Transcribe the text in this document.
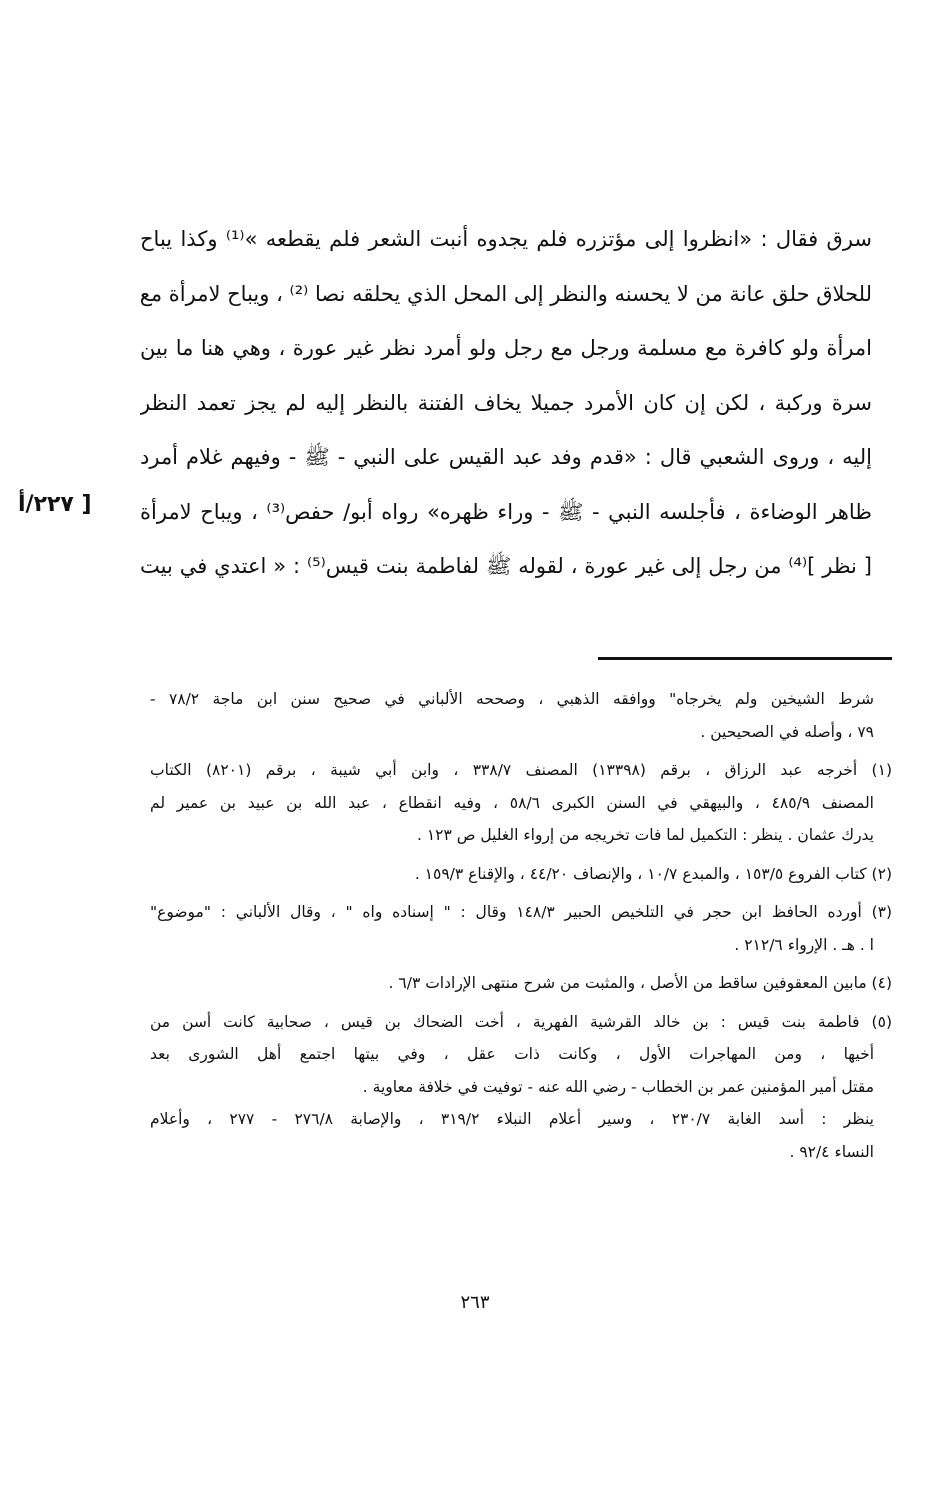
سرق فقال : «انظروا إلى مؤتزره فلم يجدوه أنبت الشعر فلم يقطعه »⁽¹⁾ وكذا يباح
للحلاق حلق عانة من لا يحسنه والنظر إلى المحل الذي يحلقه نصا ⁽²⁾ ، ويباح لامرأة مع
امرأة ولو كافرة مع مسلمة ورجل مع رجل ولو أمرد نظر غير عورة ، وهي هنا ما بين
سرة وركبة ، لكن إن كان الأمرد جميلا يخاف الفتنة بالنظر إليه لم يجز تعمد النظر
إليه ، وروى الشعبي قال : «قدم وفد عبد القيس على النبي - ﷺ - وفيهم غلام أمرد
ظاهر الوضاءة ، فأجلسه النبي - ﷺ - وراء ظهره» رواه أبو/ حفص⁽³⁾ ، ويباح لامرأة
[ نظر ]⁽⁴⁾ من رجل إلى غير عورة ، لقوله ﷺ لفاطمة بنت قيس⁽⁵⁾ : « اعتدي في بيت
[ ٢٢٧/أ
شرط الشيخين ولم يخرجاه" ووافقه الذهبي ، وصححه الألباني في صحيح سنن ابن ماجة ٧٨/٢ -
٧٩ ، وأصله في الصحيحين .
(١) أخرجه عبد الرزاق ، برقم (١٣٣٩٨) المصنف ٣٣٨/٧ ، وابن أبي شيبة ، برقم (٨٢٠١) الكتاب
المصنف ٤٨٥/٩ ، والبيهقي في السنن الكبرى ٥٨/٦ ، وفيه انقطاع ، عبد الله بن عبيد بن عمير لم
يدرك عثمان . ينظر : التكميل لما فات تخريجه من إرواء الغليل ص ١٢٣ .
(٢) كتاب الفروع ١٥٣/٥ ، والمبدع ١٠/٧ ، والإنصاف ٤٤/٢٠ ، والإقناع ١٥٩/٣ .
(٣) أورده الحافظ ابن حجر في التلخيص الحبير ١٤٨/٣ وقال : " إسناده واه " ، وقال الألباني : "موضوع"
ا . هـ . الإرواء ٢١٢/٦ .
(٤) مابين المعقوفين ساقط من الأصل ، والمثبت من شرح منتهى الإرادات ٦/٣ .
(٥) فاطمة بنت قيس : بن خالد القرشية الفهرية ، أخت الضحاك بن قيس ، صحابية كانت أسن من
أخيها ، ومن المهاجرات الأول ، وكانت ذات عقل ، وفي بيتها اجتمع أهل الشورى بعد
مقتل أمير المؤمنين عمر بن الخطاب - رضي الله عنه - توفيت في خلافة معاوية .
ينظر : أسد الغابة ٢٣٠/٧ ، وسير أعلام النبلاء ٣١٩/٢ ، والإصابة ٢٧٦/٨ - ٢٧٧ ، وأعلام
النساء ٩٢/٤ .
٢٦٣
